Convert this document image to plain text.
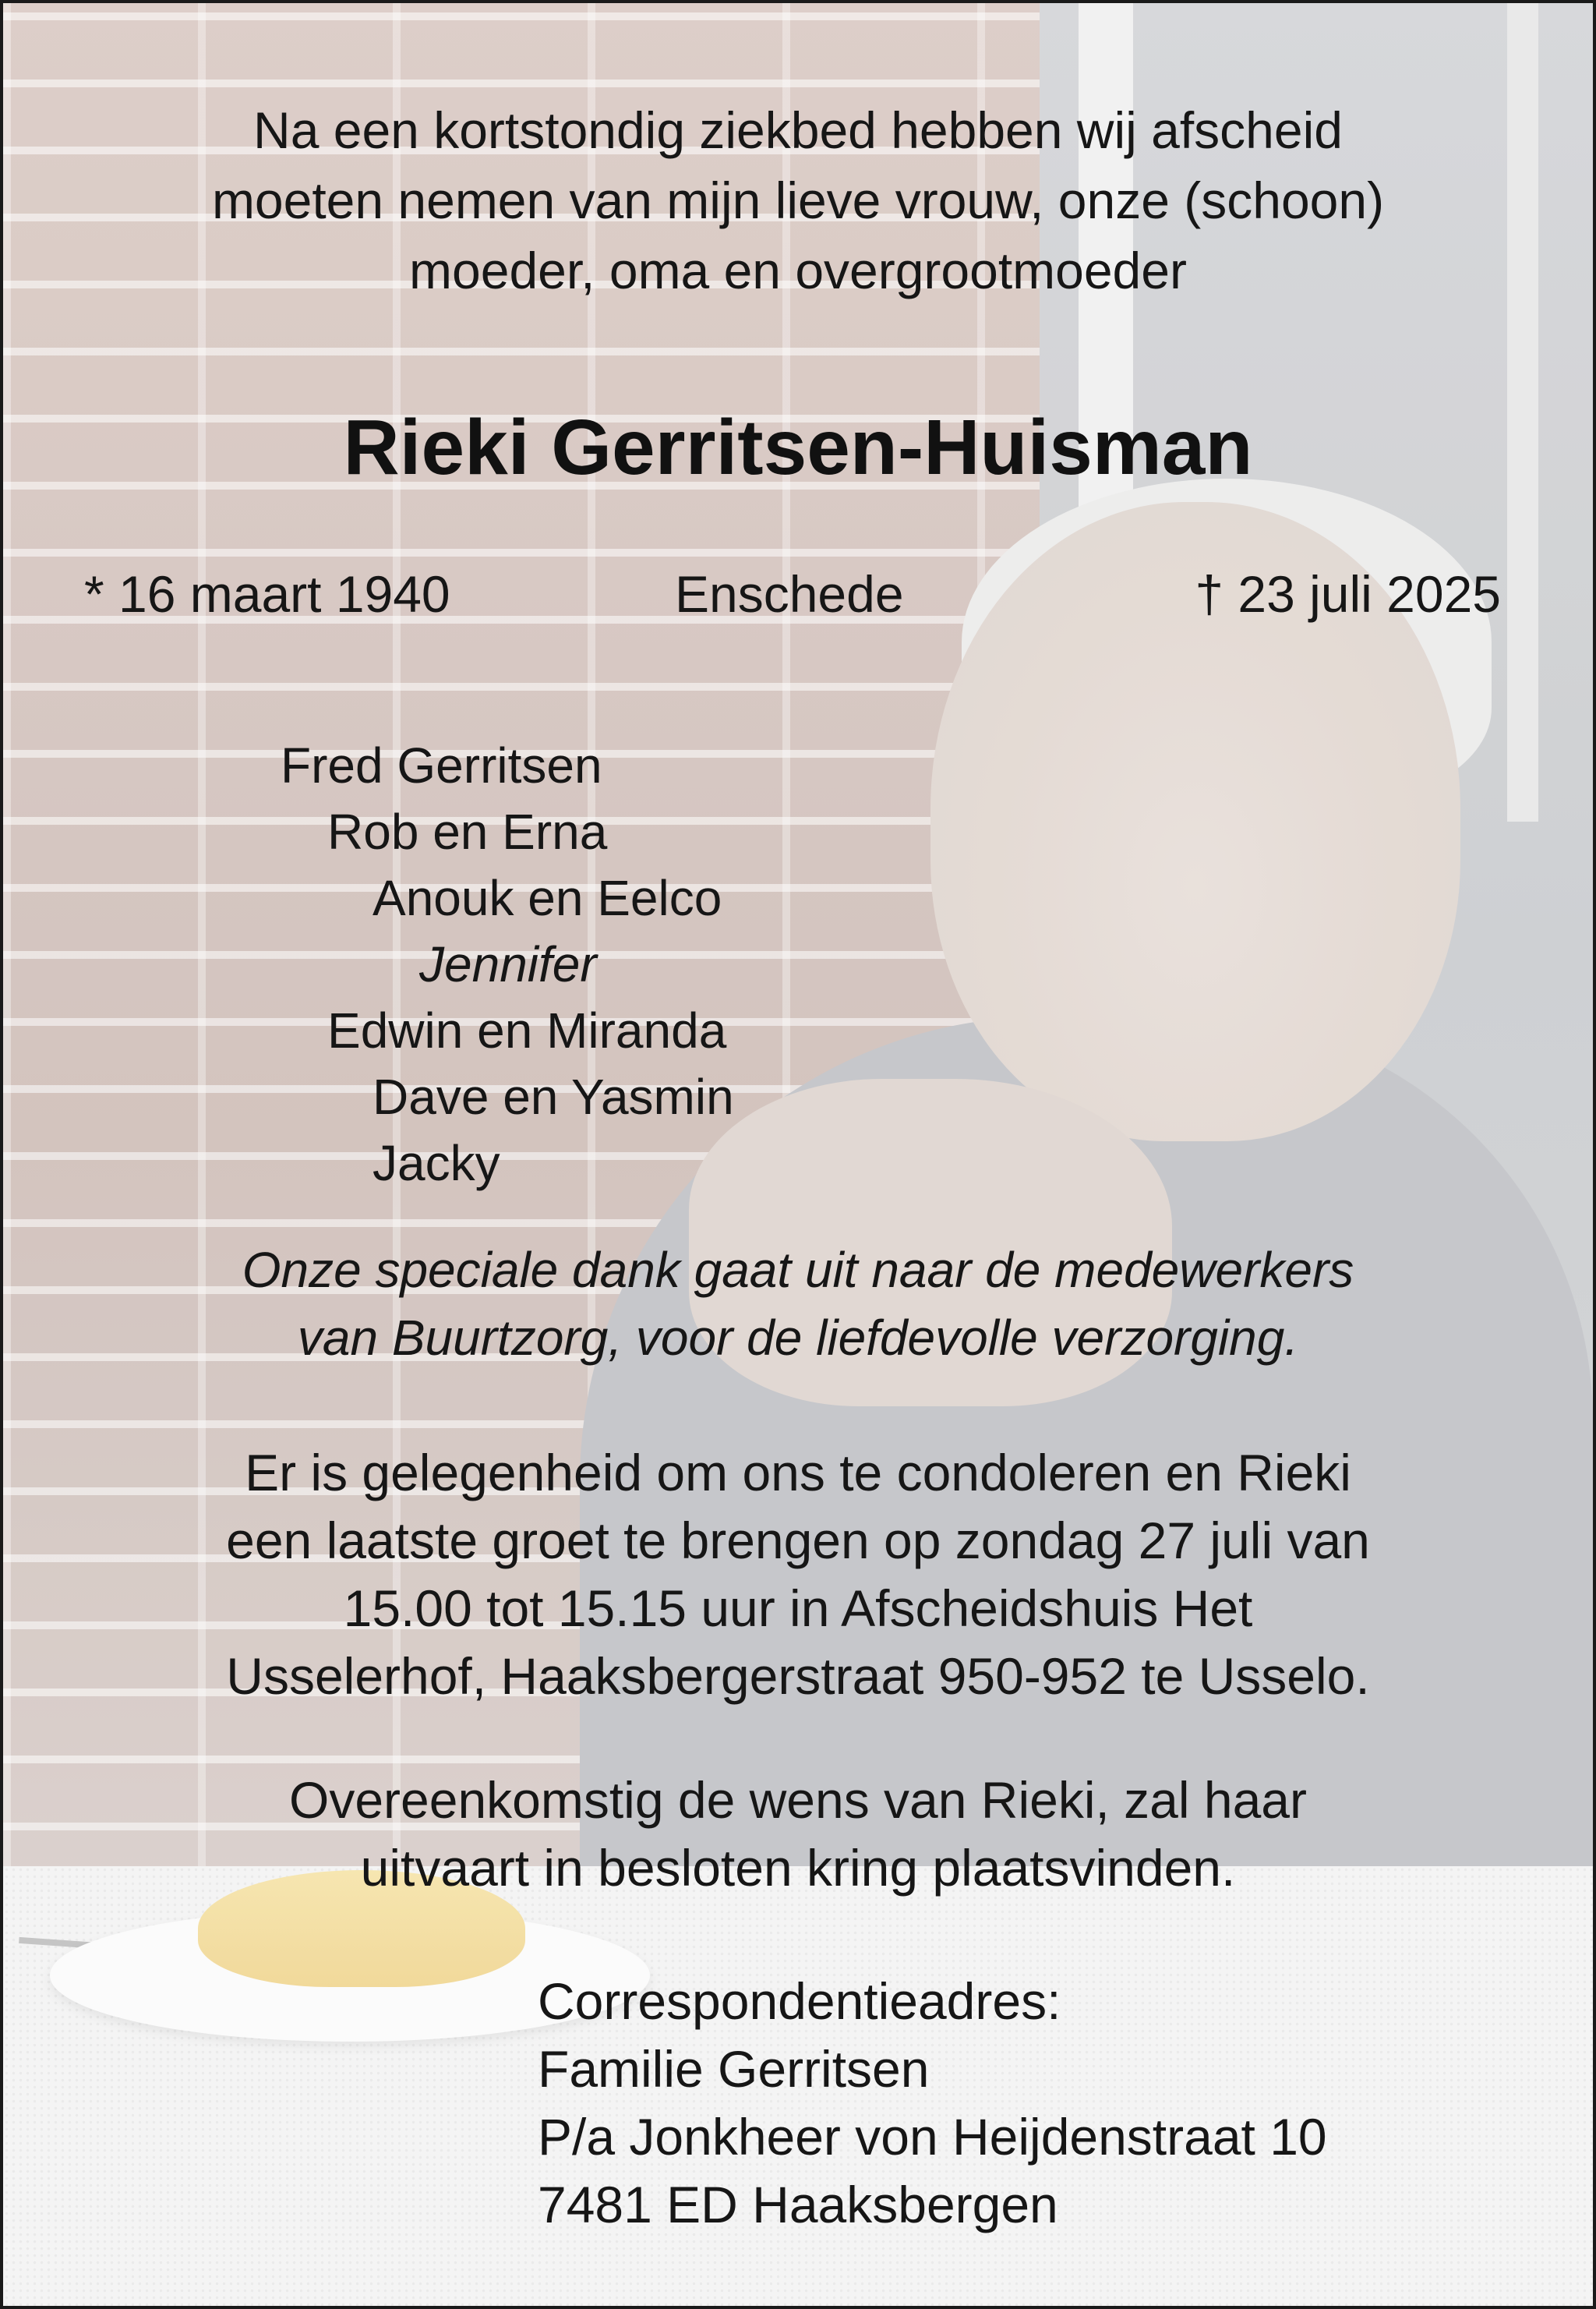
Na een kortstondig ziekbed hebben wij afscheid
moeten nemen van mijn lieve vrouw, onze (schoon)
moeder, oma en overgrootmoeder
Rieki Gerritsen-Huisman
* 16 maart 1940	Enschede	† 23 juli 2025
Fred Gerritsen
Rob en Erna
Anouk en Eelco
Jennifer
Edwin en Miranda
Dave en Yasmin
Jacky
Onze speciale dank gaat uit naar de medewerkers
van Buurtzorg, voor de liefdevolle verzorging.
Er is gelegenheid om ons te condoleren en Rieki
een laatste groet te brengen op zondag 27 juli van
15.00 tot 15.15 uur in Afscheidshuis Het
Usselerhof, Haaksbergerstraat 950-952 te Usselo.
Overeenkomstig de wens van Rieki, zal haar
uitvaart in besloten kring plaatsvinden.
Correspondentieadres:
Familie Gerritsen
P/a Jonkheer von Heijdenstraat 10
7481 ED Haaksbergen
